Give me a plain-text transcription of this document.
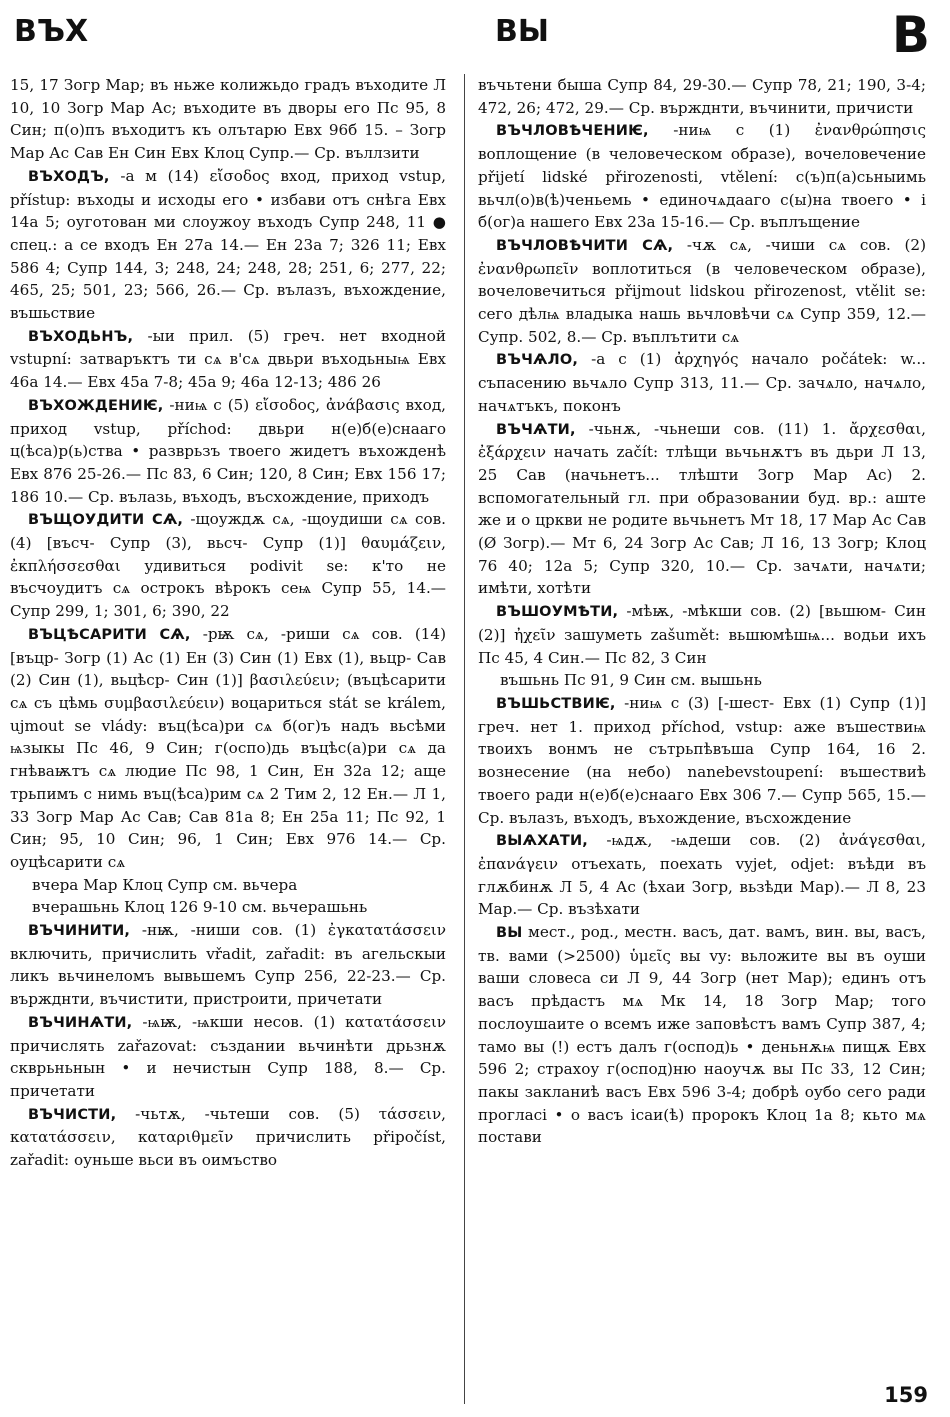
ВЪХ	ВЫ	В

15, 17 Зогр Мар; въ ньже колижьдо градъ въходите Л 10, 10 Зогр Мар Ас; въходите въ дворы его Пс 95, 8 Син; п(о)пъ въходитъ къ олътарю Евх 96б 15. – Зогр Мар Ас Сав Ен Син Евх Клоц Супр.— Ср. въллзити

ВЪХОДЪ, -а м (14) εἴσοδος вход, приход vstup, přístup: въходы и исходы его • избави отъ снѣга Евх 14а 5; оуготован ми слоужоу въходъ Супр 248, 11 ● спец.: а се входъ Ен 27а 14.— Ен 23а 7; 326 11; Евх 586 4; Супр 144, 3; 248, 24; 248, 28; 251, 6; 277, 22; 465, 25; 501, 23; 566, 26.— Ср. вълазъ, въхождение, въшьствие

ВЪХОДЬНЪ, -ыи прил. (5) греч. нет входной vstupní: затваръктъ ти сѧ в'сѧ двьри въходьныѩ Евх 46а 14.— Евх 45а 7-8; 45а 9; 46а 12-13; 486 26

ВЪХОЖДЕНИѤ, -ниѩ с (5) εἴσοδος, ἀνάβασις вход, приход vstup, příchod: двьри н(е)б(е)снааго ц(ѣса)р(ь)ства • разврьзъ твоего жидетъ въхожденѣ Евх 876 25-26.— Пс 83, 6 Син; 120, 8 Син; Евх 156 17; 186 10.— Ср. вълазь, въходъ, въсхождение, приходъ

ВЪЩОУДИТИ СѦ, -щоуждѫ сѧ, -щоудиши сѧ сов. (4) [въсч- Супр (3), вьсч- Супр (1)] θαυμάζειν, ἐκπλήσσεσθαι удивиться podivit se: к'то не въсчоудитъ сѧ острокъ вѣрокъ сеѩ Супр 55, 14.— Супр 299, 1; 301, 6; 390, 22

ВЪЦѢСАРИТИ СѦ, -рѭ сѧ, -риши сѧ сов. (14) [въцр- Зогр (1) Ас (1) Ен (3) Син (1) Евх (1), вьцр- Сав (2) Син (1), вьцѣср- Син (1)] βασιλεύειν; (въцѣсарити сѧ съ цѣмь συμβασιλεύειν) воцариться stát se králem, ujmout se vlády: въц(ѣса)ри сѧ б(ог)ъ надъ вьсѣми ѩзыкы Пс 46, 9 Син; г(оспо)дь въцѣс(а)ри сѧ да гнѣваѭтъ сѧ людие Пс 98, 1 Син, Ен 32а 12; аще трьпимъ с нимь въц(ѣса)рим сѧ 2 Тим 2, 12 Ен.— Л 1, 33 Зогр Мар Ас Сав; Сав 81а 8; Ен 25а 11; Пс 92, 1 Син; 95, 10 Син; 96, 1 Син; Евх 976 14.— Ср. оуцѣсарити сѧ

вчера Мар Клоц Супр см. вьчера

вчерашьнь Клоц 126 9-10 см. вьчерашьнь

ВЪЧИНИТИ, -нѭ, -ниши сов. (1) ἐγκατατάσσειν включить, причислить vřadit, zařadit: въ агельскыи ликъ вьчинеломъ вывьшемъ Супр 256, 22-23.— Ср. вържднти, въчистити, пристроити, причетати

ВЪЧИНѦТИ, -ѩѭ, -ѩкши несов. (1) κατατάσσειν причислять zařazovat: създании вьчинѣти дрьзнѫ скврьньнын • и нечистын Супр 188, 8.— Ср. причетати

ВЪЧИСТИ, -чьтѫ, -чьтеши сов. (5) τάσσειν, κατατάσσειν, καταριθμεῖν причислить připočíst, zařadit: оуньше вьси въ оимъство

въчьтени быша Супр 84, 29-30.— Супр 78, 21; 190, 3-4; 472, 26; 472, 29.— Ср. вържднти, въчинити, причисти

ВЪЧЛОВѢЧЕНИѤ, -ниѩ с (1) ἐνανθρώπησις воплощение (в человеческом образе), вочеловечение přijetí lidské přirozenosti, vtělení: с(ъ)п(а)сьныимь вьчл(о)в(ѣ)ченьемь • единочѧдааго с(ы)на твоего • і б(ог)а нашего Евх 23а 15-16.— Ср. въплъщение

ВЪЧЛОВѢЧИТИ СѦ, -чѫ сѧ, -чиши сѧ сов. (2) ἐνανθρωπεῖν воплотиться (в человеческом образе), вочеловечиться přijmout lidskou přirozenost, vtělit se: сего дѣлѩ владыка нашь вьчловѣчи сѧ Супр 359, 12.— Супр. 502, 8.— Ср. въплътити сѧ

ВЪЧѦЛО, -а с (1) ἀρχηγός начало počátek: w... съпасению вьчѧло Супр 313, 11.— Ср. зачѧло, начѧло, начѧтъкъ, поконъ

ВЪЧѦТИ, -чьнѫ, -чьнеши сов. (11) 1. ἄρχεσθαι, ἐξάρχειν начать začít: тлѣщи вьчьнѫтъ въ дьри Л 13, 25 Сав (начьнетъ... тлѣшти Зогр Мар Ас) 2. вспомогательный гл. при образовании буд. вр.: аште же и о цркви не родите вьчьнетъ Мт 18, 17 Мар Ас Сав (Ø Зогр).— Мт 6, 24 Зогр Ас Сав; Л 16, 13 Зогр; Клоц 76 40; 12а 5; Супр 320, 10.— Ср. зачѧти, начѧти; имѣти, хотѣти

ВЪШОУМѢТИ, -мѣѭ, -мѣкши сов. (2) [вьшюм- Син (2)] ἠχεῖν зашуметь zašumět: вьшюмѣшѩ... водьи ихъ Пс 45, 4 Син.— Пс 82, 3 Син

въшьнь Пс 91, 9 Син см. вышьнь

ВЪШЬСТВИѤ, -ниѩ с (3) [-шест- Евх (1) Супр (1)] греч. нет 1. приход příchod, vstup: аже въшествиѩ твоихъ вонмъ не сътрьпѣвъша Супр 164, 16 2. вознесение (на небо) nanebevstoupení: въшествиѣ твоего ради н(е)б(е)снааго Евх 306 7.— Супр 565, 15.— Ср. вълазъ, въходъ, въхождение, въсхождение

ВЫѦХАТИ, -ѩдѫ, -ѩдеши сов. (2) ἀνάγεσθαι, ἐπανάγειν отъехать, поехать vyjet, odjet: въѣди въ глѫбинѫ Л 5, 4 Ас (ѣхаи Зогр, вьзѣди Мар).— Л 8, 23 Мар.— Ср. възѣхати

ВЫ мест., род., местн. васъ, дат. вамъ, вин. вы, васъ, тв. вами (>2500) ὑμεῖς вы vy: вьложите вы въ оуши ваши словеса си Л 9, 44 Зогр (нет Мар); единъ отъ васъ прѣдастъ мѧ Мк 14, 18 Зогр Мар; того послоушаите о всемъ иже заповѣстъ вамъ Супр 387, 4; тамо вы (!) естъ далъ г(оспод)ь • деньнѫѩ пищѫ Евх 596 2; страхоу г(оспод)ню наоучѫ вы Пс 33, 12 Син; пакы закланиѣ васъ Евх 596 3-4; добрѣ оубо сего ради прогласі • о васъ ісаи(ѣ) пророкъ Клоц 1а 8; кьто мѧ постави

159
